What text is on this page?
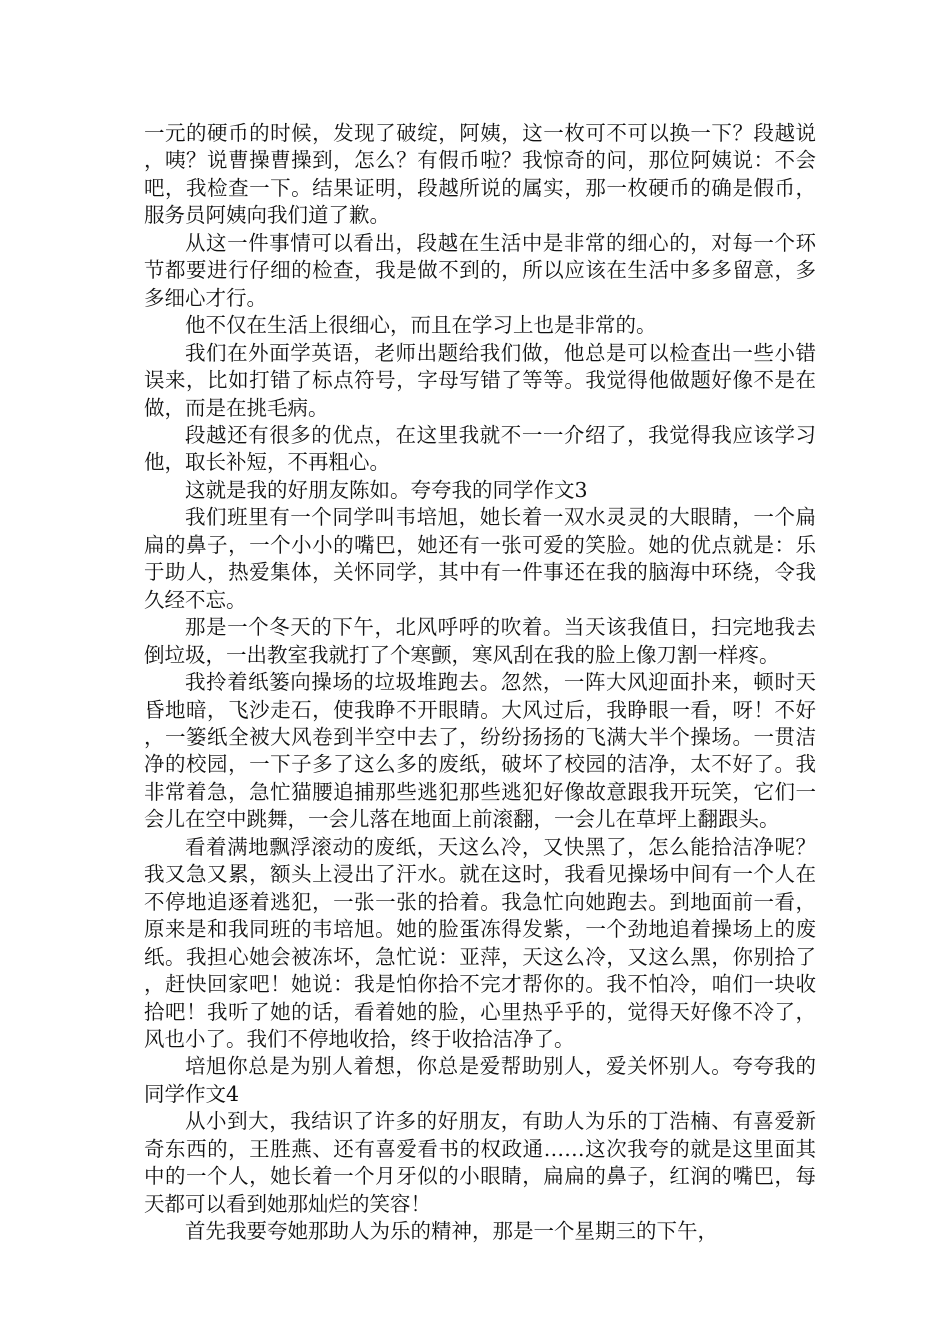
一元的硬币的时候，发现了破绽，阿姨，这一枚可不可以换一下？段越说，咦？说曹操曹操到，怎么？有假币啦？我惊奇的问，那位阿姨说：不会吧，我检查一下。结果证明，段越所说的属实，那一枚硬币的确是假币，服务员阿姨向我们道了歉。

从这一件事情可以看出，段越在生活中是非常的细心的，对每一个环节都要进行仔细的检查，我是做不到的，所以应该在生活中多多留意，多多细心才行。

他不仅在生活上很细心，而且在学习上也是非常的。

我们在外面学英语，老师出题给我们做，他总是可以检查出一些小错误来，比如打错了标点符号，字母写错了等等。我觉得他做题好像不是在做，而是在挑毛病。

段越还有很多的优点，在这里我就不一一介绍了，我觉得我应该学习他，取长补短，不再粗心。

这就是我的好朋友陈如。夸夸我的同学作文3

我们班里有一个同学叫韦培旭，她长着一双水灵灵的大眼睛，一个扁扁的鼻子，一个小小的嘴巴，她还有一张可爱的笑脸。她的优点就是：乐于助人，热爱集体，关怀同学，其中有一件事还在我的脑海中环绕，令我久经不忘。

那是一个冬天的下午，北风呼呼的吹着。当天该我值日，扫完地我去倒垃圾，一出教室我就打了个寒颤，寒风刮在我的脸上像刀割一样疼。

我拎着纸篓向操场的垃圾堆跑去。忽然，一阵大风迎面扑来，顿时天昏地暗，飞沙走石，使我睁不开眼睛。大风过后，我睁眼一看，呀！不好，一篓纸全被大风卷到半空中去了，纷纷扬扬的飞满大半个操场。一贯洁净的校园，一下子多了这么多的废纸，破坏了校园的洁净，太不好了。我非常着急，急忙猫腰追捕那些逃犯那些逃犯好像故意跟我开玩笑，它们一会儿在空中跳舞，一会儿落在地面上前滚翻，一会儿在草坪上翻跟头。

看着满地飘浮滚动的废纸，天这么冷，又快黑了，怎么能拾洁净呢？我又急又累，额头上浸出了汗水。就在这时，我看见操场中间有一个人在不停地追逐着逃犯，一张一张的拾着。我急忙向她跑去。到地面前一看，原来是和我同班的韦培旭。她的脸蛋冻得发紫，一个劲地追着操场上的废纸。我担心她会被冻坏，急忙说：亚萍，天这么冷，又这么黑，你别拾了，赶快回家吧！她说：我是怕你拾不完才帮你的。我不怕冷，咱们一块收拾吧！我听了她的话，看着她的脸，心里热乎乎的，觉得天好像不冷了，风也小了。我们不停地收拾，终于收拾洁净了。

培旭你总是为别人着想，你总是爱帮助别人，爱关怀别人。夸夸我的同学作文4

从小到大，我结识了许多的好朋友，有助人为乐的丁浩楠、有喜爱新奇东西的，王胜燕、还有喜爱看书的权政通……这次我夸的就是这里面其中的一个人，她长着一个月牙似的小眼睛，扁扁的鼻子，红润的嘴巴，每天都可以看到她那灿烂的笑容！

首先我要夸她那助人为乐的精神，那是一个星期三的下午，
